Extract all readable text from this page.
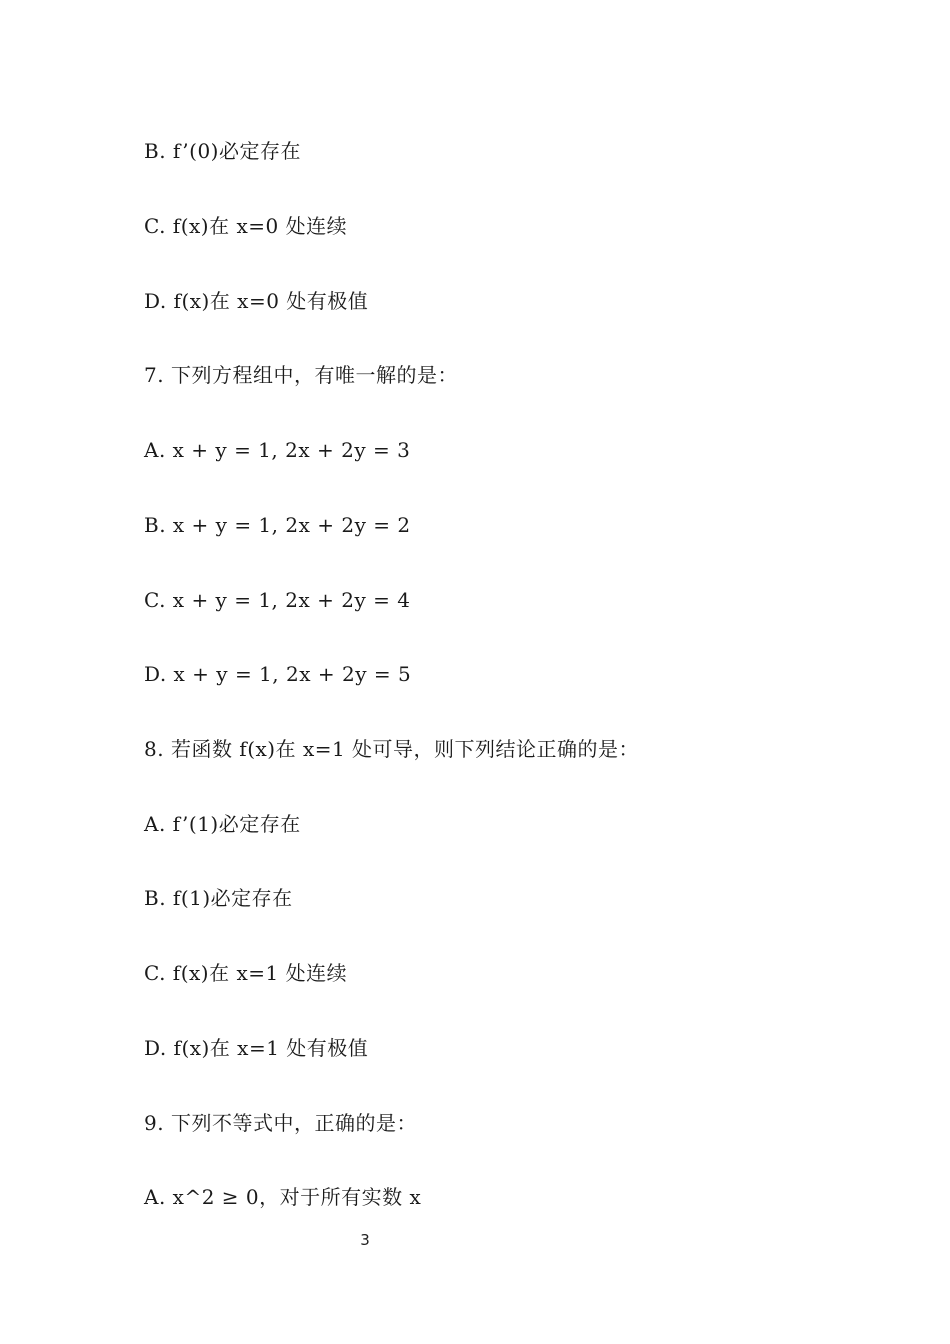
B. f’(0)必定存在
C. f(x)在 x=0 处连续
D. f(x)在 x=0 处有极值
7. 下列方程组中，有唯一解的是：
A. x + y = 1, 2x + 2y = 3
B. x + y = 1, 2x + 2y = 2
C. x + y = 1, 2x + 2y = 4
D. x + y = 1, 2x + 2y = 5
8. 若函数 f(x)在 x=1 处可导，则下列结论正确的是：
A. f’(1)必定存在
B. f(1)必定存在
C. f(x)在 x=1 处连续
D. f(x)在 x=1 处有极值
9. 下列不等式中，正确的是：
A. x^2 ≥ 0，对于所有实数 x
3
